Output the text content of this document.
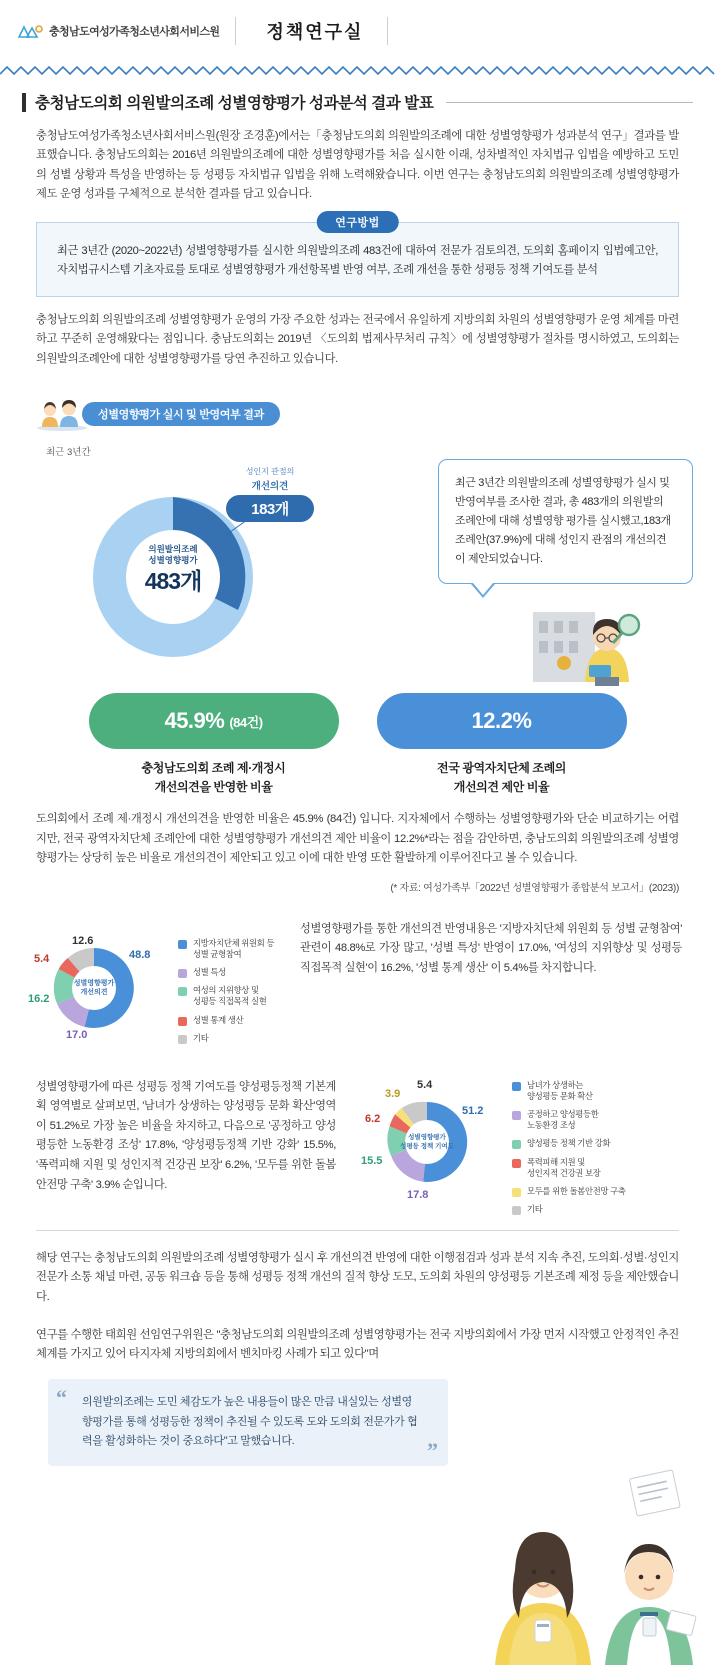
충청남도여성가족청소년사회서비스원	정책연구실
충청남도의회 의원발의조례 성별영향평가 성과분석 결과 발표

충청남도여성가족청소년사회서비스원(원장 조경훈)에서는「충청남도의회 의원발의조례에 대한 성별영향평가 성과분석 연구」결과를 발표했습니다. 충청남도의회는 2016년 의원발의조례에 대한 성별영향평가를 처음 실시한 이래, 성차별적인 자치법규 입법을 예방하고 도민의 성별 상황과 특성을 반영하는 등 성평등 자치법규 입법을 위해 노력해왔습니다. 이번 연구는 충청남도의회 의원발의조례 성별영향평가 제도 운영 성과를 구체적으로 분석한 결과를 담고 있습니다.

연구방법
최근 3년간 (2020~2022년) 성별영향평가를 실시한 의원발의조례 483건에 대하여 전문가 검토의견, 도의회 홈페이지 입법예고안, 자치법규시스템 기초자료를 토대로 성별영향평가 개선항목별 반영 여부, 조례 개선을 통한 성평등 정책 기여도를 분석

충청남도의회 의원발의조례 성별영향평가 운영의 가장 주요한 성과는 전국에서 유일하게 지방의회 차원의 성별영향평가 운영 체계를 마련하고 꾸준히 운영해왔다는 점입니다. 충남도의회는 2019년 〈도의회 법제사무처리 규칙〉에 성별영향평가 절차를 명시하였고, 도의회는 의원발의조례안에 대한 성별영향평가를 당연 추진하고 있습니다.

성별영향평가 실시 및 반영여부 결과
최근 3년간
의원발의조례
성별영향평가
483개
성인지 관점의
개선의견
183개
최근 3년간 의원발의조례 성별영향평가 실시 및 반영여부를 조사한 결과, 총 483개의 의원발의 조례안에 대해 성별영향 평가를 실시했고,183개 조례안(37.9%)에 대해 성인지 관점의 개선의견이 제안되었습니다.
45.9% (84건)
충청남도의회 조례 제·개정시
개선의견을 반영한 비율
12.2%
전국 광역자치단체 조례의
개선의견 제안 비율

도의회에서 조례 제·개정시 개선의견을 반영한 비율은 45.9% (84건) 입니다. 지자체에서 수행하는 성별영향평가와 단순 비교하기는 어렵지만, 전국 광역자치단체 조례안에 대한 성별영향평가 개선의견 제안 비율이 12.2%*라는 점을 감안하면, 충남도의회 의원발의조례 성별영향평가는 상당히 높은 비율로 개선의견이 제안되고 있고 이에 대한 반영 또한 활발하게 이루어진다고 볼 수 있습니다.

(* 자료: 여성가족부「2022년 성별영향평가 종합분석 보고서」(2023))
성별영향평가
개선의견
48.8
12.6
5.4
16.2
17.0
지방자치단체 위원회 등
성별 균형참여
성별 특성
여성의 지위향상 및
성평등 직접목적 실현
성별 통계 생산
기타
성별영향평가를 통한 개선의견 반영내용은 '지방자치단체 위원회 등 성별 균형참여' 관련이 48.8%로 가장 많고, '성별 특성' 반영이 17.0%, '여성의 지위향상 및 성평등 직접목적 실현'이 16.2%, '성별 통계 생산' 이 5.4%를 차지합니다.
성별영향평가에 따른 성평등 정책 기여도를 양성평등정책 기본계획 영역별로 살펴보면, '남녀가 상생하는 양성평등 문화 확산'영역이 51.2%로 가장 높은 비율을 차지하고, 다음으로 '공정하고 양성평등한 노동환경 조성' 17.8%, '양성평등정책 기반 강화' 15.5%, '폭력피해 지원 및 성인지적 건강권 보장' 6.2%, '모두를 위한 돌봄 안전망 구축' 3.9% 순입니다.
성별영향평가
성평등 정책 기여도
51.2
17.8
15.5
6.2
3.9
5.4	남녀가 상생하는
양성평등 문화 확산
공정하고 양성평등한
노동환경 조성
양성평등 정책 기반 강화
폭력피해 지원 및
성인지적 건강권 보장
모두를 위한 돌봄안전망 구축
기타

해당 연구는 충청남도의회 의원발의조례 성별영향평가 실시 후 개선의견 반영에 대한 이행점검과 성과 분석 지속 추진, 도의회·성별·성인지 전문가 소통 채널 마련, 공동 워크숍 등을 통해 성평등 정책 개선의 질적 향상 도모, 도의회 차원의 양성평등 기본조례 제정 등을 제안했습니다.

연구를 수행한 태희원 선임연구위원은 "충청남도의회 의원발의조례 성별영향평가는 전국 지방의회에서 가장 먼저 시작했고 안정적인 추진 체계를 가지고 있어 타지자체 지방의회에서 벤치마킹 사례가 되고 있다"며

“	의원발의조례는 도민 체감도가 높은 내용들이 많은 만큼 내실있는 성별영향평가를 통해 성평등한 정책이 추진될 수 있도록 도와 도의회 전문가가 협력을 활성화하는 것이 중요하다"고 말했습니다.	”
